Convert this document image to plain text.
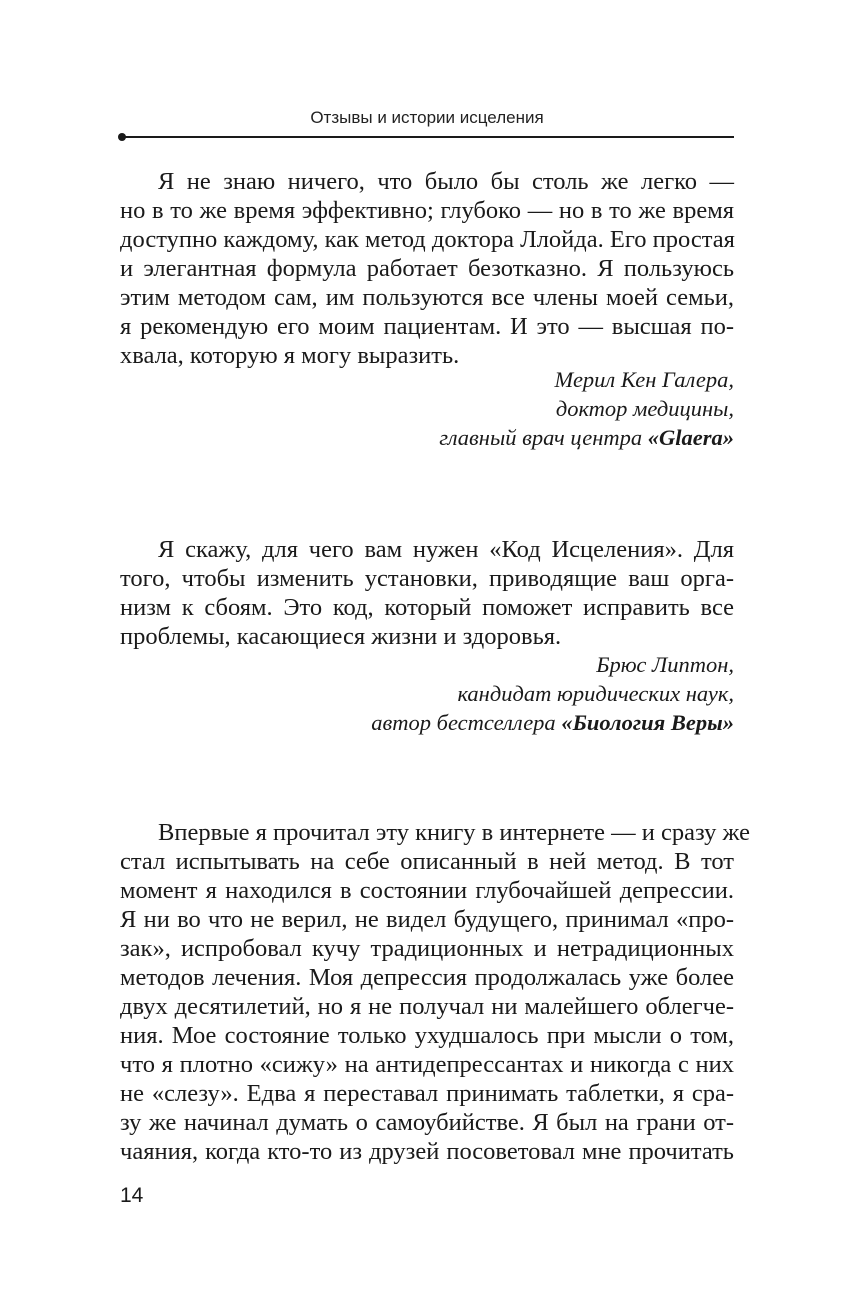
Отзывы и истории исцеления
Я не знаю ничего, что было бы столь же легко —
но в то же время эффективно; глубоко — но в то же время
доступно каждому, как метод доктора Ллойда. Его простая
и элегантная формула работает безотказно. Я пользуюсь
этим методом сам, им пользуются все члены моей семьи,
я рекомендую его моим пациентам. И это — высшая по-
хвала, которую я могу выразить.
Мерил Кен Галера,
доктор медицины,
главный врач центра «Glaera»
Я скажу, для чего вам нужен «Код Исцеления». Для
того, чтобы изменить установки, приводящие ваш орга-
низм к сбоям. Это код, который поможет исправить все
проблемы, касающиеся жизни и здоровья.
Брюс Липтон,
кандидат юридических наук,
автор бестселлера «Биология Веры»
Впервые я прочитал эту книгу в интернете — и сразу же
стал испытывать на себе описанный в ней метод. В тот
момент я находился в состоянии глубочайшей депрессии.
Я ни во что не верил, не видел будущего, принимал «про-
зак», испробовал кучу традиционных и нетрадиционных
методов лечения. Моя депрессия продолжалась уже более
двух десятилетий, но я не получал ни малейшего облегче-
ния. Мое состояние только ухудшалось при мысли о том,
что я плотно «сижу» на антидепрессантах и никогда с них
не «слезу». Едва я переставал принимать таблетки, я сра-
зу же начинал думать о самоубийстве. Я был на грани от-
чаяния, когда кто-то из друзей посоветовал мне прочитать
14
